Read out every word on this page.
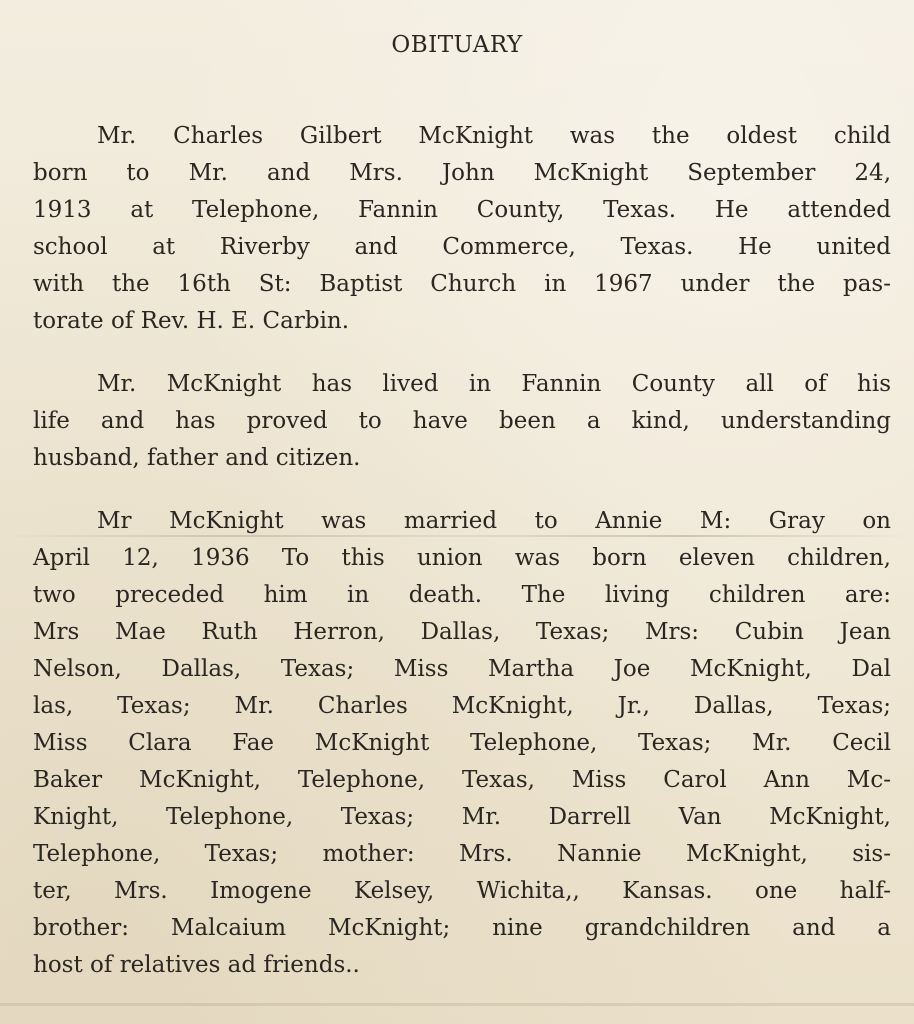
OBITUARY

Mr. Charles Gilbert McKnight was the oldest child
born to Mr. and Mrs. John McKnight September 24,
1913 at Telephone, Fannin County, Texas. He attended
school at Riverby and Commerce, Texas. He united
with the 16th St: Baptist Church in 1967 under the pas-
torate of Rev. H. E. Carbin.

Mr. McKnight has lived in Fannin County all of his
life and has proved to have been a kind, understanding
husband, father and citizen.

Mr McKnight was married to Annie M: Gray on
April 12, 1936 To this union was born eleven children,
two preceded him in death. The living children are:
Mrs Mae Ruth Herron, Dallas, Texas; Mrs: Cubin Jean
Nelson, Dallas, Texas; Miss Martha Joe McKnight, Dal
las, Texas; Mr. Charles McKnight, Jr., Dallas, Texas;
Miss Clara Fae McKnight Telephone, Texas; Mr. Cecil
Baker McKnight, Telephone, Texas, Miss Carol Ann Mc-
Knight, Telephone, Texas; Mr. Darrell Van McKnight,
Telephone, Texas; mother: Mrs. Nannie McKnight, sis-
ter, Mrs. Imogene Kelsey, Wichita,, Kansas. one half-
brother: Malcaium McKnight; nine grandchildren and a
host of relatives ad friends..
